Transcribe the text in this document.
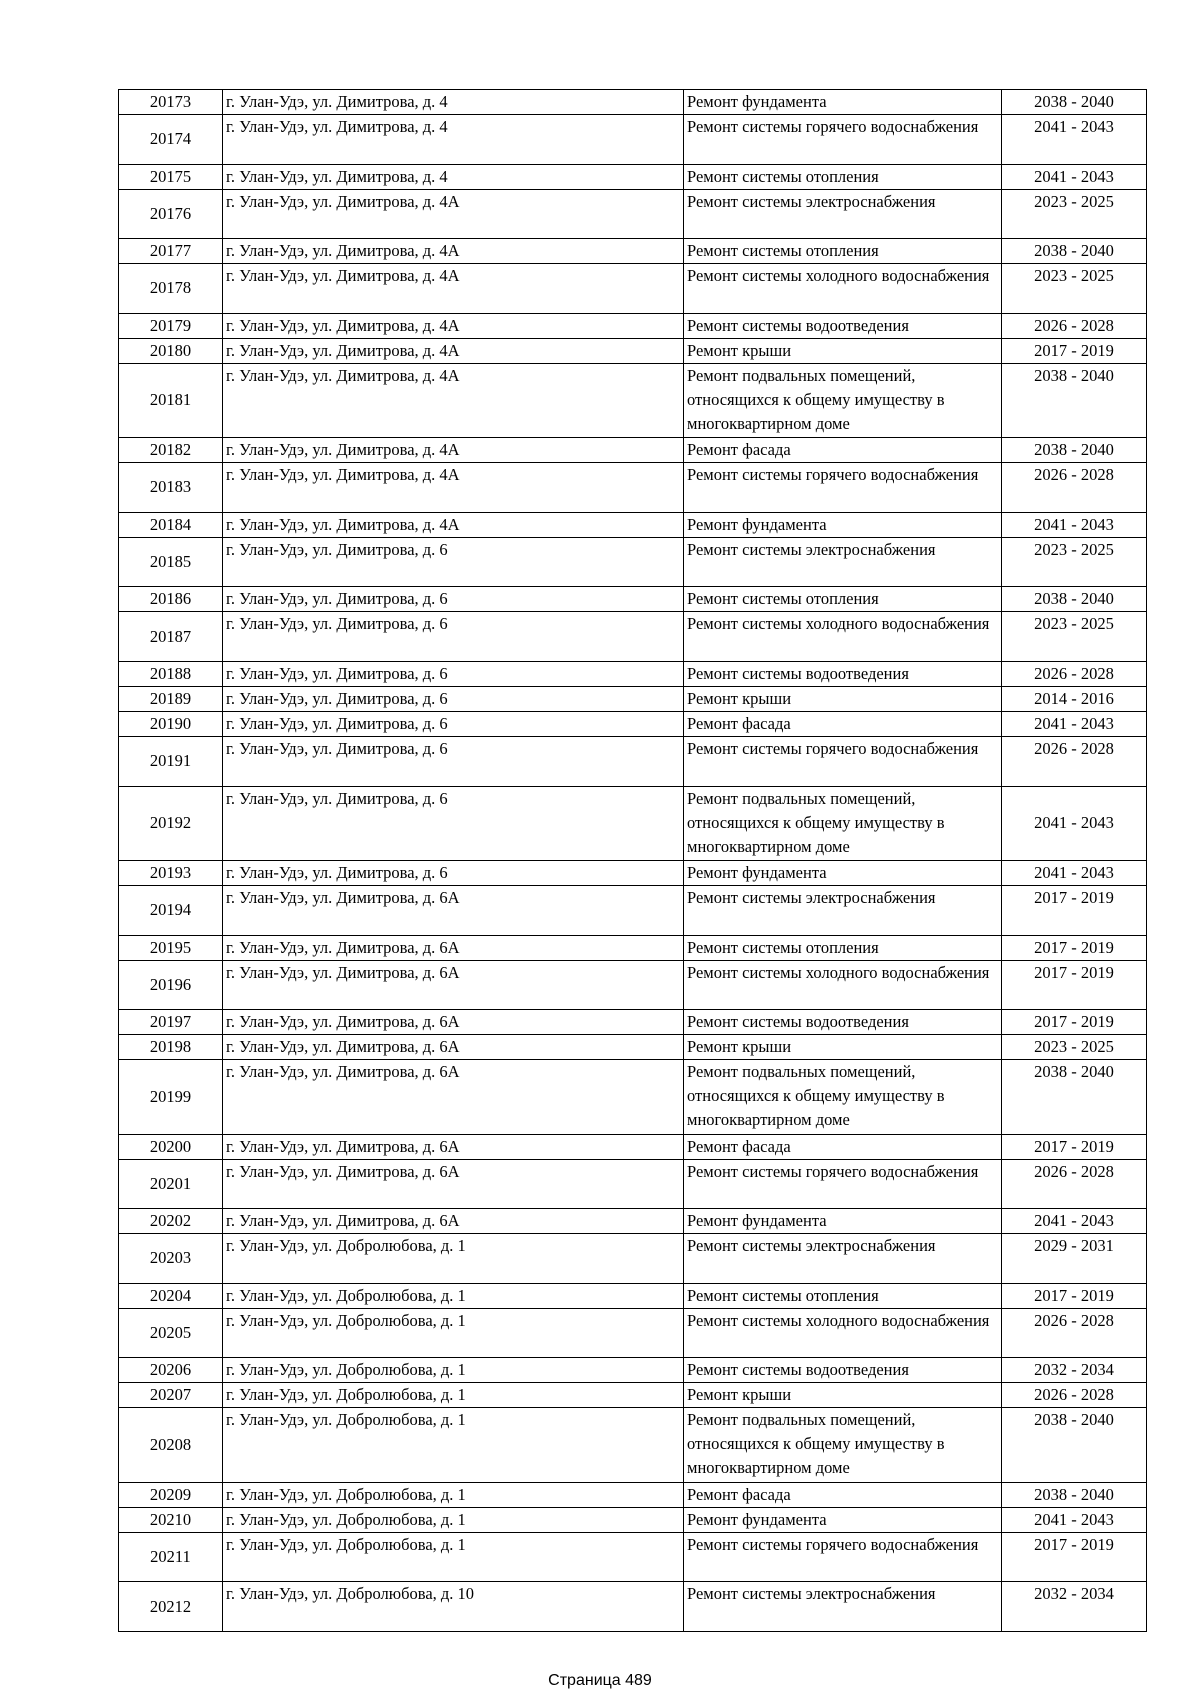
20173	г. Улан-Удэ, ул. Димитрова, д. 4	Ремонт фундамента	2038 - 2040
20174	г. Улан-Удэ, ул. Димитрова, д. 4	Ремонт системы горячего водоснабжения	2041 - 2043
20175	г. Улан-Удэ, ул. Димитрова, д. 4	Ремонт системы отопления	2041 - 2043
20176	г. Улан-Удэ, ул. Димитрова, д. 4А	Ремонт системы электроснабжения	2023 - 2025
20177	г. Улан-Удэ, ул. Димитрова, д. 4А	Ремонт системы отопления	2038 - 2040
20178	г. Улан-Удэ, ул. Димитрова, д. 4А	Ремонт системы холодного водоснабжения	2023 - 2025
20179	г. Улан-Удэ, ул. Димитрова, д. 4А	Ремонт системы водоотведения	2026 - 2028
20180	г. Улан-Удэ, ул. Димитрова, д. 4А	Ремонт крыши	2017 - 2019
20181	г. Улан-Удэ, ул. Димитрова, д. 4А	Ремонт подвальных помещений, относящихся к общему имуществу в многоквартирном доме	2038 - 2040
20182	г. Улан-Удэ, ул. Димитрова, д. 4А	Ремонт фасада	2038 - 2040
20183	г. Улан-Удэ, ул. Димитрова, д. 4А	Ремонт системы горячего водоснабжения	2026 - 2028
20184	г. Улан-Удэ, ул. Димитрова, д. 4А	Ремонт фундамента	2041 - 2043
20185	г. Улан-Удэ, ул. Димитрова, д. 6	Ремонт системы электроснабжения	2023 - 2025
20186	г. Улан-Удэ, ул. Димитрова, д. 6	Ремонт системы отопления	2038 - 2040
20187	г. Улан-Удэ, ул. Димитрова, д. 6	Ремонт системы холодного водоснабжения	2023 - 2025
20188	г. Улан-Удэ, ул. Димитрова, д. 6	Ремонт системы водоотведения	2026 - 2028
20189	г. Улан-Удэ, ул. Димитрова, д. 6	Ремонт крыши	2014 - 2016
20190	г. Улан-Удэ, ул. Димитрова, д. 6	Ремонт фасада	2041 - 2043
20191	г. Улан-Удэ, ул. Димитрова, д. 6	Ремонт системы горячего водоснабжения	2026 - 2028
20192	г. Улан-Удэ, ул. Димитрова, д. 6	Ремонт подвальных помещений, относящихся к общему имуществу в многоквартирном доме	2041 - 2043
20193	г. Улан-Удэ, ул. Димитрова, д. 6	Ремонт фундамента	2041 - 2043
20194	г. Улан-Удэ, ул. Димитрова, д. 6А	Ремонт системы электроснабжения	2017 - 2019
20195	г. Улан-Удэ, ул. Димитрова, д. 6А	Ремонт системы отопления	2017 - 2019
20196	г. Улан-Удэ, ул. Димитрова, д. 6А	Ремонт системы холодного водоснабжения	2017 - 2019
20197	г. Улан-Удэ, ул. Димитрова, д. 6А	Ремонт системы водоотведения	2017 - 2019
20198	г. Улан-Удэ, ул. Димитрова, д. 6А	Ремонт крыши	2023 - 2025
20199	г. Улан-Удэ, ул. Димитрова, д. 6А	Ремонт подвальных помещений, относящихся к общему имуществу в многоквартирном доме	2038 - 2040
20200	г. Улан-Удэ, ул. Димитрова, д. 6А	Ремонт фасада	2017 - 2019
20201	г. Улан-Удэ, ул. Димитрова, д. 6А	Ремонт системы горячего водоснабжения	2026 - 2028
20202	г. Улан-Удэ, ул. Димитрова, д. 6А	Ремонт фундамента	2041 - 2043
20203	г. Улан-Удэ, ул. Добролюбова, д. 1	Ремонт системы электроснабжения	2029 - 2031
20204	г. Улан-Удэ, ул. Добролюбова, д. 1	Ремонт системы отопления	2017 - 2019
20205	г. Улан-Удэ, ул. Добролюбова, д. 1	Ремонт системы холодного водоснабжения	2026 - 2028
20206	г. Улан-Удэ, ул. Добролюбова, д. 1	Ремонт системы водоотведения	2032 - 2034
20207	г. Улан-Удэ, ул. Добролюбова, д. 1	Ремонт крыши	2026 - 2028
20208	г. Улан-Удэ, ул. Добролюбова, д. 1	Ремонт подвальных помещений, относящихся к общему имуществу в многоквартирном доме	2038 - 2040
20209	г. Улан-Удэ, ул. Добролюбова, д. 1	Ремонт фасада	2038 - 2040
20210	г. Улан-Удэ, ул. Добролюбова, д. 1	Ремонт фундамента	2041 - 2043
20211	г. Улан-Удэ, ул. Добролюбова, д. 1	Ремонт системы горячего водоснабжения	2017 - 2019
20212	г. Улан-Удэ, ул. Добролюбова, д. 10	Ремонт системы электроснабжения	2032 - 2034
Страница 489
